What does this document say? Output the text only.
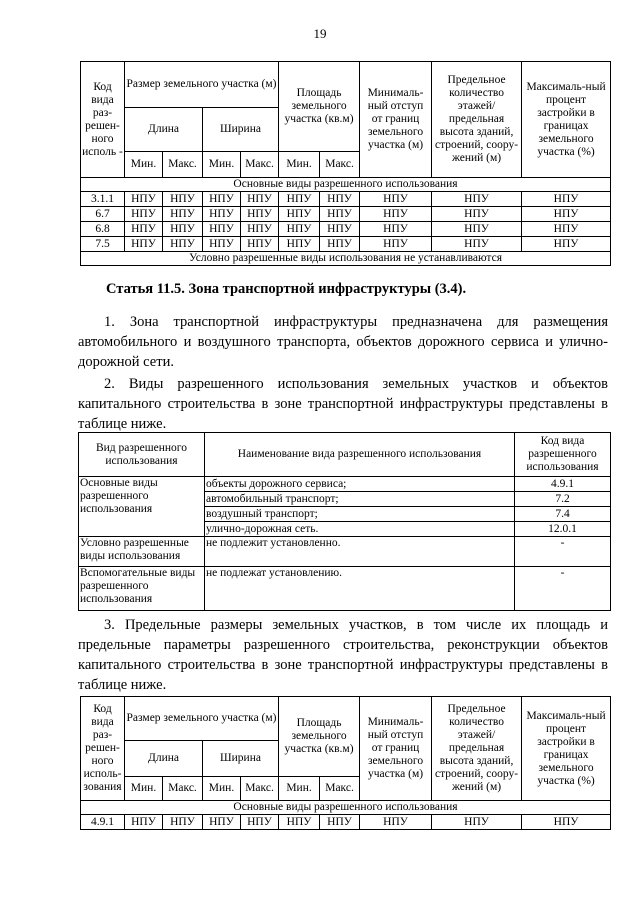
19
Код вида раз-решен-ного исполь -	Размер земельного участка (м)				Площадь земельного участка (кв.м)		Минималь-ный отступ от границ земельного участка (м)	Предельное количество этажей/ предельная высота зданий, строений, соору-жений (м)	Максималь-ный процент застройки в границах земельного участка (%)
	Длина		Ширина						
	Мин.	Макс.	Мин.	Макс.	Мин.	Макс.			
Основные виды разрешенного использования									
3.1.1	НПУ	НПУ	НПУ	НПУ	НПУ	НПУ	НПУ	НПУ	НПУ
6.7	НПУ	НПУ	НПУ	НПУ	НПУ	НПУ	НПУ	НПУ	НПУ
6.8	НПУ	НПУ	НПУ	НПУ	НПУ	НПУ	НПУ	НПУ	НПУ
7.5	НПУ	НПУ	НПУ	НПУ	НПУ	НПУ	НПУ	НПУ	НПУ
Условно разрешенные виды использования не устанавливаются									
Статья 11.5. Зона транспортной инфраструктуры (3.4).
1. Зона транспортной инфраструктуры предназначена для размещения автомобильного и воздушного транспорта, объектов дорожного сервиса и улично-дорожной сети.
2. Виды разрешенного использования земельных участков и объектов капитального строительства в зоне транспортной инфраструктуры представлены в таблице ниже.
Вид разрешенного использования	Наименование вида разрешенного использования	Код вида разрешенного использования
Основные виды разрешенного использования	объекты дорожного сервиса;	4.9.1
	автомобильный транспорт;	7.2
	воздушный транспорт;	7.4
	улично-дорожная сеть.	12.0.1
Условно разрешенные виды использования	не подлежит установленно.	-
Вспомогательные виды разрешенного использования	не подлежат установлению.	-
3. Предельные размеры земельных участков, в том числе их площадь и предельные параметры разрешенного строительства, реконструкции объектов капитального строительства в зоне транспортной инфраструктуры представлены в таблице ниже.
Код вида раз-решен-ного исполь-зования	Размер земельного участка (м)				Площадь земельного участка (кв.м)		Минималь-ный отступ от границ земельного участка (м)	Предельное количество этажей/ предельная высота зданий, строений, соору-жений (м)	Максималь-ный процент застройки в границах земельного участка (%)
	Длина		Ширина						
	Мин.	Макс.	Мин.	Макс.	Мин.	Макс.			
Основные виды разрешенного использования									
4.9.1	НПУ	НПУ	НПУ	НПУ	НПУ	НПУ	НПУ	НПУ	НПУ
